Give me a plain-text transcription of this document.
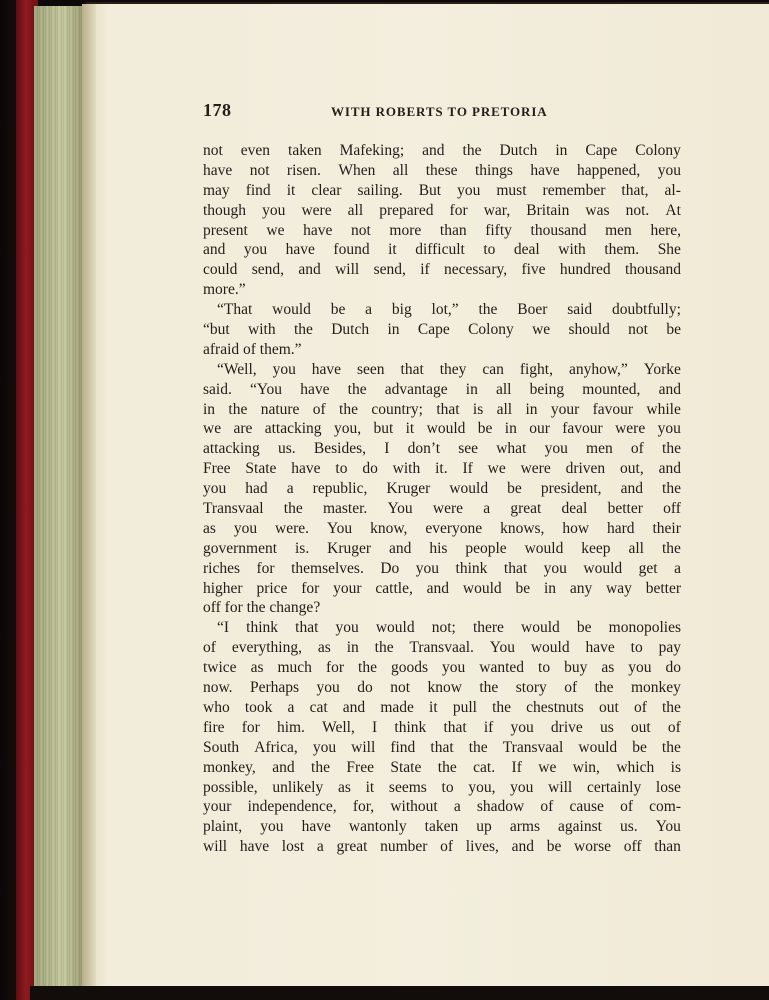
178	WITH ROBERTS TO PRETORIA
not even taken Mafeking; and the Dutch in Cape Colony
have not risen. When all these things have happened, you
may find it clear sailing. But you must remember that, al-
though you were all prepared for war, Britain was not. At
present we have not more than fifty thousand men here,
and you have found it difficult to deal with them. She
could send, and will send, if necessary, five hundred thousand
more.”
“That would be a big lot,” the Boer said doubtfully;
“but with the Dutch in Cape Colony we should not be
afraid of them.”
“Well, you have seen that they can fight, anyhow,” Yorke
said. “You have the advantage in all being mounted, and
in the nature of the country; that is all in your favour while
we are attacking you, but it would be in our favour were you
attacking us. Besides, I don’t see what you men of the
Free State have to do with it. If we were driven out, and
you had a republic, Kruger would be president, and the
Transvaal the master. You were a great deal better off
as you were. You know, everyone knows, how hard their
government is. Kruger and his people would keep all the
riches for themselves. Do you think that you would get a
higher price for your cattle, and would be in any way better
off for the change?
“I think that you would not; there would be monopolies
of everything, as in the Transvaal. You would have to pay
twice as much for the goods you wanted to buy as you do
now. Perhaps you do not know the story of the monkey
who took a cat and made it pull the chestnuts out of the
fire for him. Well, I think that if you drive us out of
South Africa, you will find that the Transvaal would be the
monkey, and the Free State the cat. If we win, which is
possible, unlikely as it seems to you, you will certainly lose
your independence, for, without a shadow of cause of com-
plaint, you have wantonly taken up arms against us. You
will have lost a great number of lives, and be worse off than
